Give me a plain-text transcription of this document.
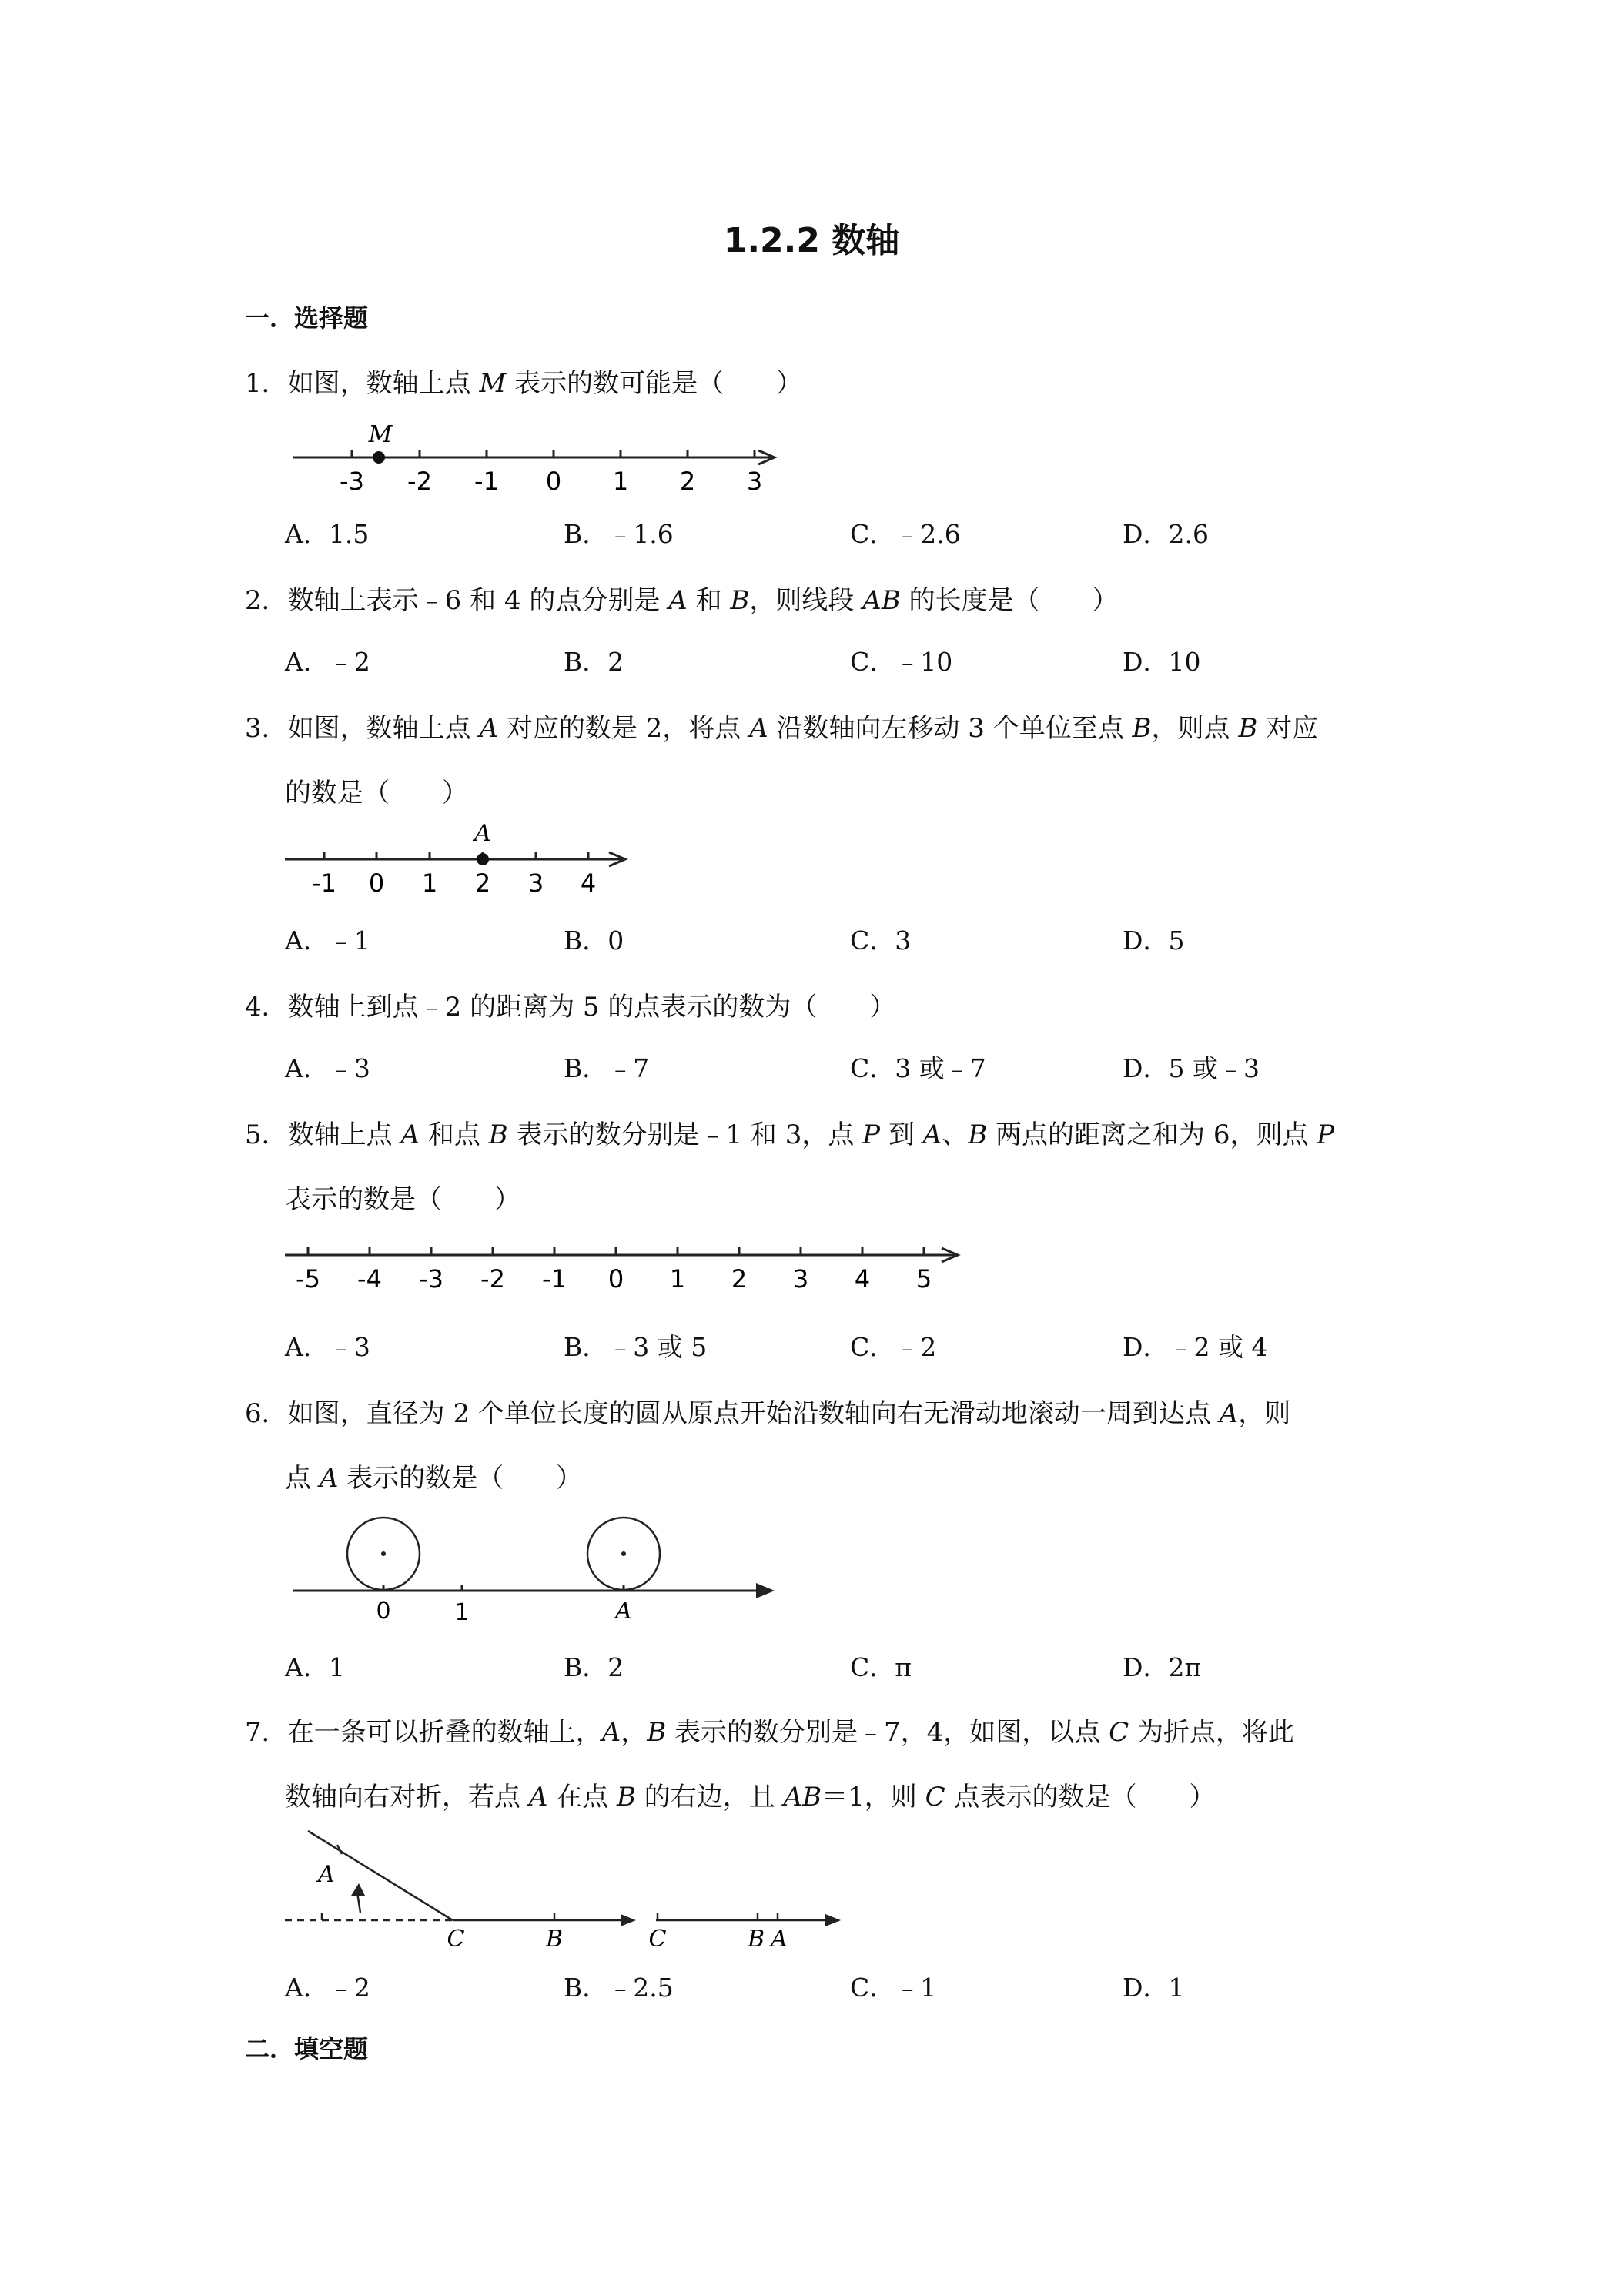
1.2.2 数轴
一．选择题
1．如图，数轴上点 M 表示的数可能是（　　）
-3 -2 -1 0 1 2 3
M
A．1.5	B．﹣1.6	C．﹣2.6	D．2.6
2．数轴上表示﹣6 和 4 的点分别是 A 和 B，则线段 AB 的长度是（　　）
A．﹣2	B．2	C．﹣10	D．10
3．如图，数轴上点 A 对应的数是 2，将点 A 沿数轴向左移动 3 个单位至点 B，则点 B 对应
的数是（　　）
-1 0 1 2 3 4
A
A．﹣1	B．0	C．3	D．5
4．数轴上到点﹣2 的距离为 5 的点表示的数为（　　）
A．﹣3	B．﹣7	C．3 或﹣7	D．5 或﹣3
5．数轴上点 A 和点 B 表示的数分别是﹣1 和 3，点 P 到 A、B 两点的距离之和为 6，则点 P
表示的数是（　　）
-5 -4 -3 -2 -1 0 1 2 3 4 5
A．﹣3	B．﹣3 或 5	C．﹣2	D．﹣2 或 4
6．如图，直径为 2 个单位长度的圆从原点开始沿数轴向右无滑动地滚动一周到达点 A，则
点 A 表示的数是（　　）
0	1	A
A．1	B．2	C．π	D．2π
7．在一条可以折叠的数轴上，A，B 表示的数分别是﹣7，4，如图，以点 C 为折点，将此
数轴向右对折，若点 A 在点 B 的右边，且 AB＝1，则 C 点表示的数是（　　）
A
C	B	C	B A
A．﹣2	B．﹣2.5	C．﹣1	D．1
二．填空题
